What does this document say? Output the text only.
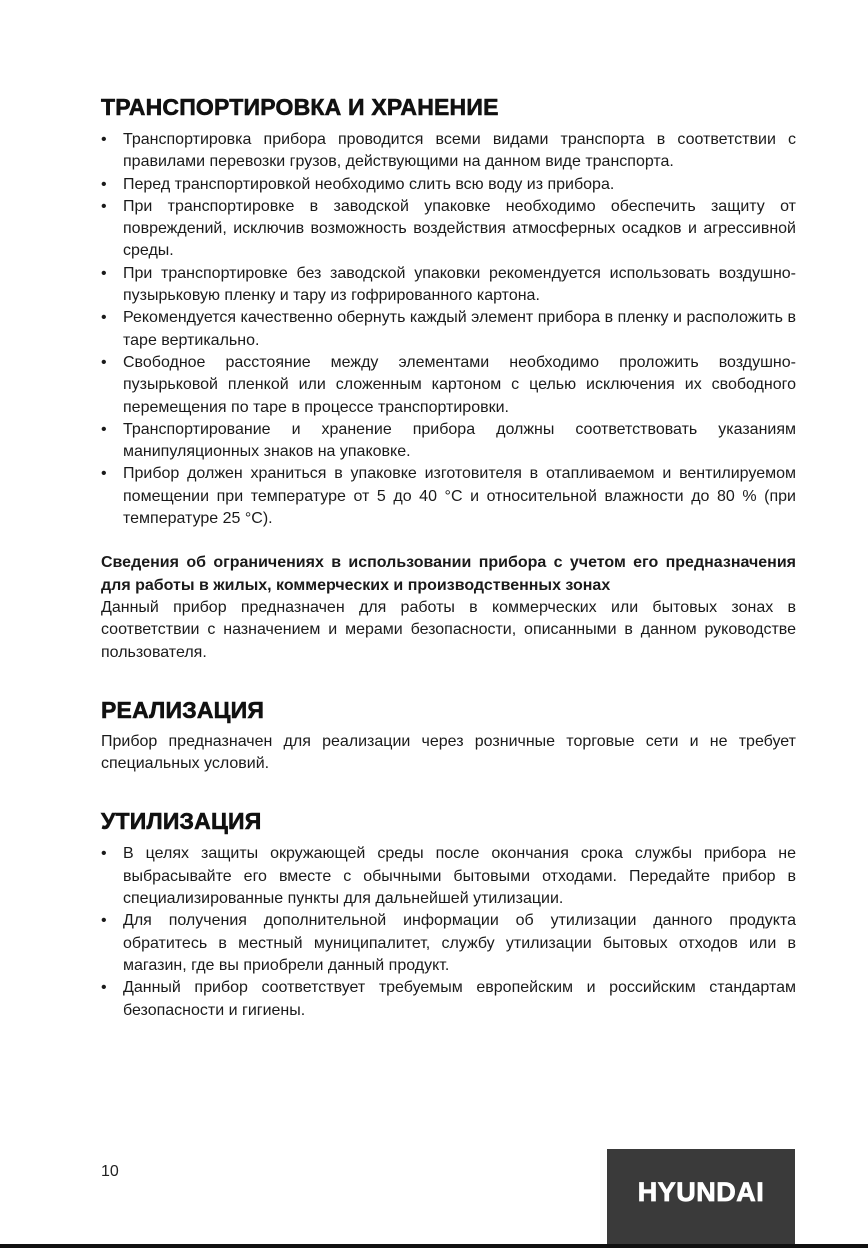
ТРАНСПОРТИРОВКА И ХРАНЕНИЕ
• Транспортировка прибора проводится всеми видами транспорта в соответствии с правилами перевозки грузов, действующими на данном виде транспорта.
• Перед транспортировкой необходимо слить всю воду из прибора.
• При транспортировке в заводской упаковке необходимо обеспечить защиту от повреждений, исключив возможность воздействия атмосферных осадков и агрессивной среды.
• При транспортировке без заводской упаковки рекомендуется использовать воздушно-пузырьковую пленку и тару из гофрированного картона.
• Рекомендуется качественно обернуть каждый элемент прибора в пленку и расположить в таре вертикально.
• Свободное расстояние между элементами необходимо проложить воздушно-пузырьковой пленкой или сложенным картоном с целью исключения их свободного перемещения по таре в процессе транспортировки.
• Транспортирование и хранение прибора должны соответствовать указаниям манипуляционных знаков на упаковке.
• Прибор должен храниться в упаковке изготовителя в отапливаемом и вентилируемом помещении при температуре от 5 до 40 °C и относительной влажности до 80 % (при температуре 25 °C).

Сведения об ограничениях в использовании прибора с учетом его предназначения для работы в жилых, коммерческих и производственных зонах

Данный прибор предназначен для работы в коммерческих или бытовых зонах в соответствии с назначением и мерами безопасности, описанными в данном руководстве пользователя.

РЕАЛИЗАЦИЯ

Прибор предназначен для реализации через розничные торговые сети и не требует специальных условий.

УТИЛИЗАЦИЯ
• В целях защиты окружающей среды после окончания срока службы прибора не выбрасывайте его вместе с обычными бытовыми отходами. Передайте прибор в специализированные пункты для дальнейшей утилизации.
• Для получения дополнительной информации об утилизации данного продукта обратитесь в местный муниципалитет, службу утилизации бытовых отходов или в магазин, где вы приобрели данный продукт.
• Данный прибор соответствует требуемым европейским и российским стандартам безопасности и гигиены.
10
HYUNDAI
